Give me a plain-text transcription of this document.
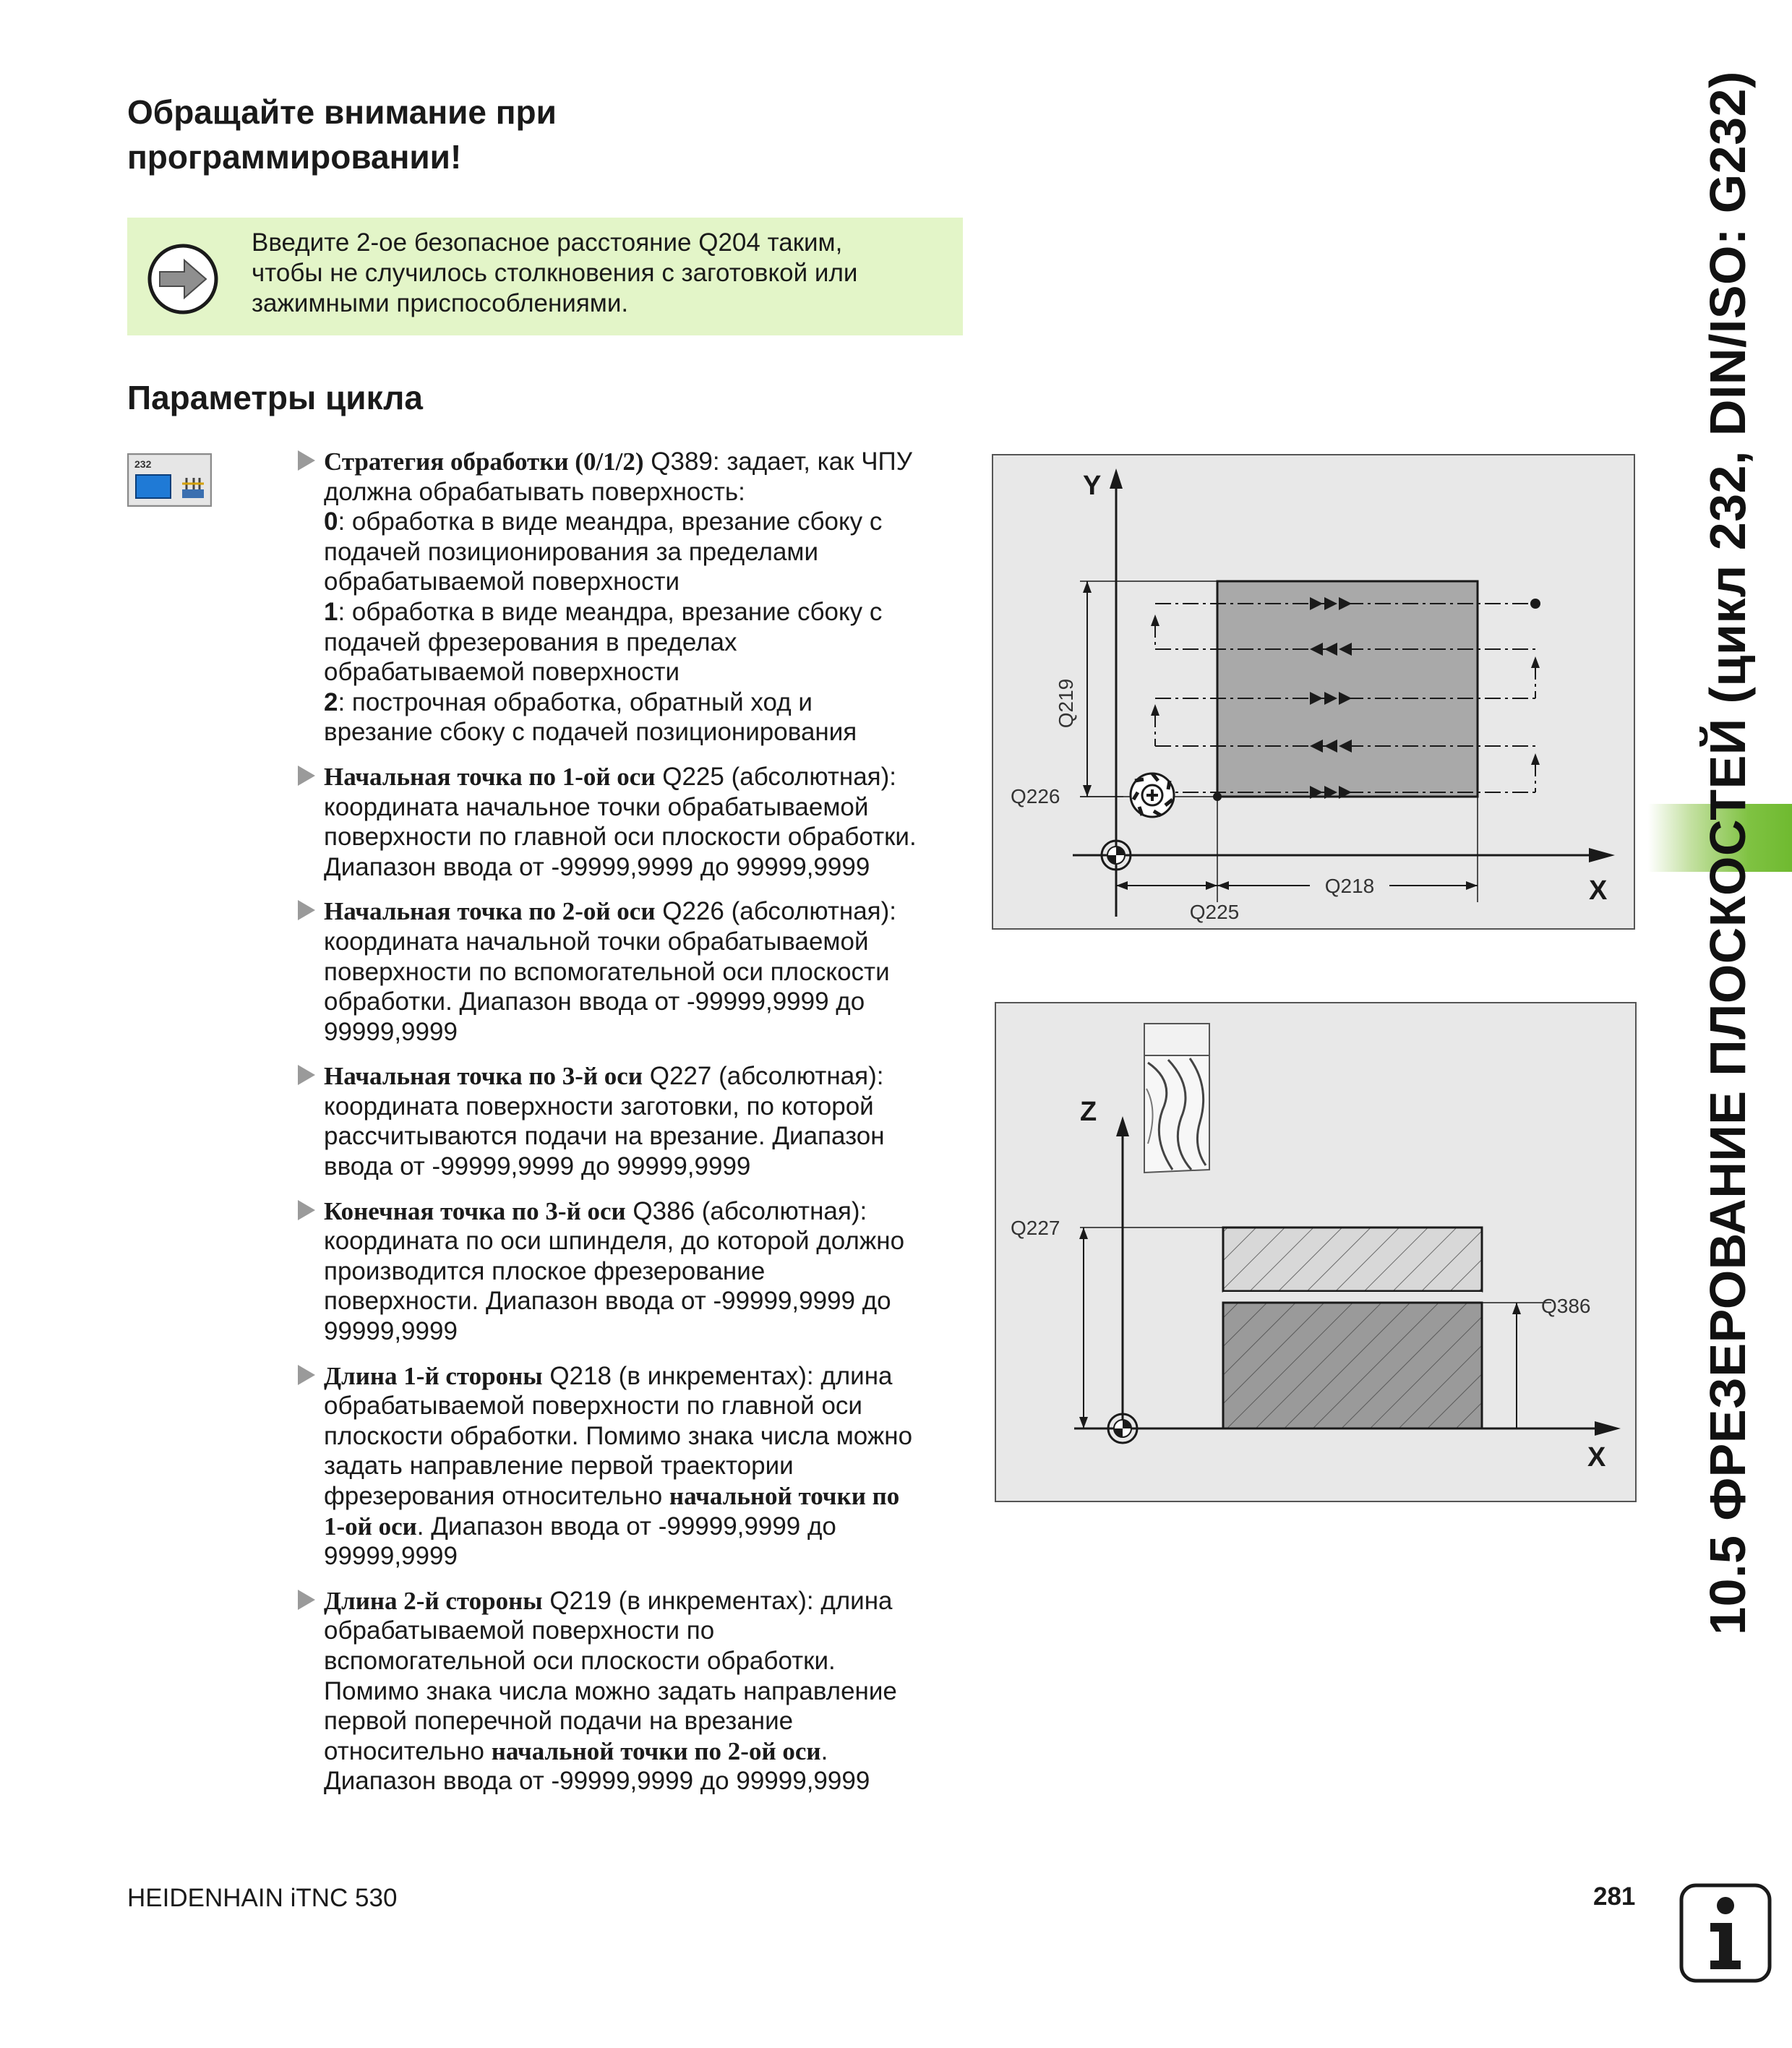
Обращайте внимание при
программировании!
Введите 2-ое безопасное расстояние Q204 таким,
чтобы не случилось столкновения с заготовкой или
зажимными приспособлениями.
Параметры цикла
232	Стратегия обработки (0/1/2) Q389: задает, как ЧПУ
должна обрабатывать поверхность:
0: обработка в виде меандра, врезание сбоку с
подачей позиционирования за пределами
обрабатываемой поверхности
1: обработка в виде меандра, врезание сбоку с
подачей фрезерования в пределах
обрабатываемой поверхности
2: построчная обработка, обратный ход и
врезание сбоку с подачей позиционирования
Начальная точка по 1-ой оси Q225 (абсолютная):
координата начальное точки обрабатываемой
поверхности по главной оси плоскости обработки.
Диапазон ввода от -99999,9999 до 99999,9999
Начальная точка по 2-ой оси Q226 (абсолютная):
координата начальной точки обрабатываемой
поверхности по вспомогательной оси плоскости
обработки. Диапазон ввода от -99999,9999 до
99999,9999
Начальная точка по 3-й оси Q227 (абсолютная):
координата поверхности заготовки, по которой
рассчитываются подачи на врезание. Диапазон
ввода от -99999,9999 до 99999,9999
Конечная точка по 3-й оси Q386 (абсолютная):
координата по оси шпинделя, до которой должно
производится плоское фрезерование
поверхности. Диапазон ввода от -99999,9999 до
99999,9999
Длина 1-й стороны Q218 (в инкрементах): длина
обрабатываемой поверхности по главной оси
плоскости обработки. Помимо знака числа можно
задать направление первой траектории
фрезерования относительно начальной точки по
1-ой оси. Диапазон ввода от -99999,9999 до
99999,9999
Длина 2-й стороны Q219 (в инкрементах): длина
обрабатываемой поверхности по
вспомогательной оси плоскости обработки.
Помимо знака числа можно задать направление
первой поперечной подачи на врезание
относительно начальной точки по 2-ой оси.
Диапазон ввода от -99999,9999 до 99999,9999
Y
X
Q219
Q226
Q218
Q225
Z
X
Q227
Q386 10.5 ФРЕЗЕРОВАНИЕ ПЛОСКОСТЕЙ (цикл 232, DIN/ISO: G232)
HEIDENHAIN iTNC 530	281
